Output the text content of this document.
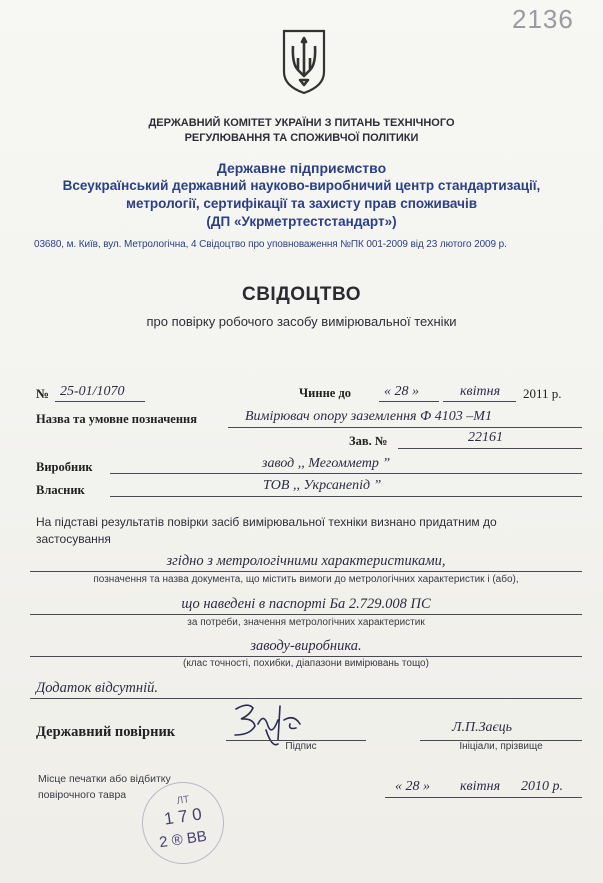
2136
ДЕРЖАВНИЙ КОМІТЕТ УКРАЇНИ З ПИТАНЬ ТЕХНІЧНОГО
РЕГУЛЮВАННЯ ТА СПОЖИВЧОЇ ПОЛІТИКИ
Державне підприємство
Всеукраїнський державний науково-виробничий центр стандартизації,
метрології, сертифікації та захисту прав споживачів
(ДП «Укрметртестстандарт»)
03680, м. Київ, вул. Метрологічна, 4 Свідоцтво про уповноваження №ПК 001-2009 від 23 лютого 2009 р.
СВІДОЦТВО
про повірку робочого засобу вимірювальної техніки
№ 25-01/1070	Чинне до « 28 »	квітня 2011 р.
Назва та умовне позначення	Вимірювач опору заземлення Ф 4103 –М1
Зав. №	22161
Виробник	завод ,, Мегомметр ”
Власник	ТОВ ,, Укрсанепід ”
На підставі результатів повірки засіб вимірювальної техніки визнано придатним до
застосування
згідно з метрологічними характеристиками,
позначення та назва документа, що містить вимоги до метрологічних характеристик і (або),
що наведені в паспорті Ба 2.729.008 ПС
за потреби, значення метрологічних характеристик
заводу-виробника.
(клас точності, похибки, діапазони вимірювань тощо)
Додаток відсутній.
Державний повірник
Підпис
Л.П.Заєць
Ініціали, прізвище
Місце печатки або відбитку
повірочного тавра	ЛТ
1 7 0
2 ® ВВ
« 28 » квітня 2010 р.
